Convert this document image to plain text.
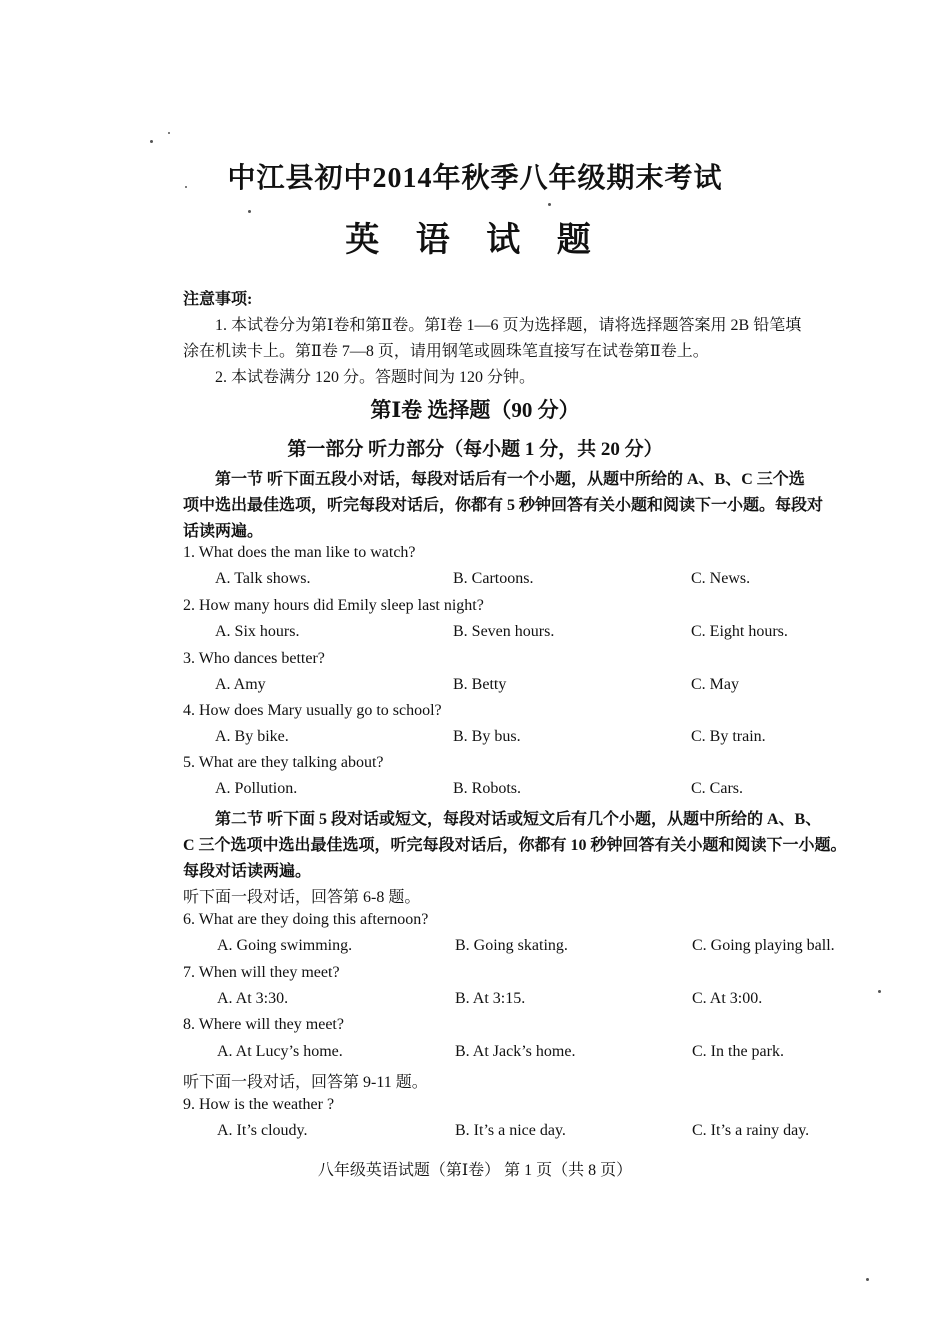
中江县初中2014年秋季八年级期末考试
英 语 试 题
注意事项:
1. 本试卷分为第Ⅰ卷和第Ⅱ卷。第Ⅰ卷 1—6 页为选择题，请将选择题答案用 2B 铅笔填
涂在机读卡上。第Ⅱ卷 7—8 页，请用钢笔或圆珠笔直接写在试卷第Ⅱ卷上。
2. 本试卷满分 120 分。答题时间为 120 分钟。
第Ⅰ卷 选择题（90 分）
第一部分 听力部分（每小题 1 分，共 20 分）
第一节 听下面五段小对话，每段对话后有一个小题，从题中所给的 A、B、C 三个选
项中选出最佳选项，听完每段对话后，你都有 5 秒钟回答有关小题和阅读下一小题。每段对
话读两遍。
1. What does the man like to watch?
A. Talk shows.	B. Cartoons.	C. News.
2. How many hours did Emily sleep last night?
A. Six hours.	B. Seven hours.	C. Eight hours.
3. Who dances better?
A. Amy	B. Betty	C. May
4. How does Mary usually go to school?
A. By bike.	B. By bus.	C. By train.
5. What are they talking about?
A. Pollution.	B. Robots.	C. Cars.
第二节 听下面 5 段对话或短文，每段对话或短文后有几个小题，从题中所给的 A、B、
C 三个选项中选出最佳选项，听完每段对话后，你都有 10 秒钟回答有关小题和阅读下一小题。
每段对话读两遍。
听下面一段对话，回答第 6-8 题。
6. What are they doing this afternoon?
A. Going swimming.	B. Going skating.	C. Going playing ball.
7. When will they meet?
A. At 3:30.	B. At 3:15.	C. At 3:00.
8. Where will they meet?
A. At Lucy’s home.	B. At Jack’s home.	C. In the park.
听下面一段对话，回答第 9-11 题。
9. How is the weather ?
A. It’s cloudy.	B. It’s a nice day.	C. It’s a rainy day.
八年级英语试题（第Ⅰ卷） 第 1 页（共 8 页）
